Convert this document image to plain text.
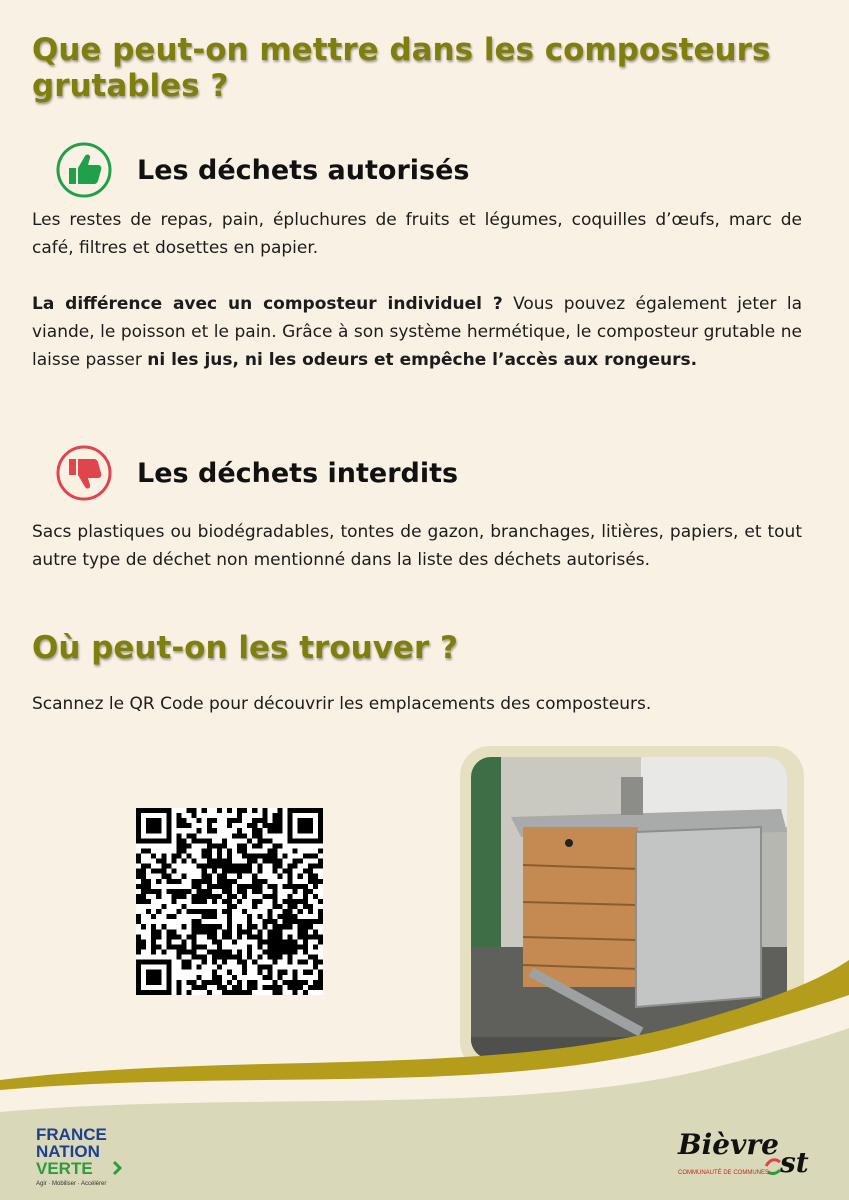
Que peut-on mettre dans les composteurs grutables ?
Les déchets autorisés

Les restes de repas, pain, épluchures de fruits et légumes, coquilles d’œufs, marc de café, filtres et dosettes en papier.

La différence avec un composteur individuel ? Vous pouvez également jeter la viande, le poisson et le pain. Grâce à son système hermétique, le composteur grutable ne laisse passer ni les jus, ni les odeurs et empêche l’accès aux rongeurs.

Les déchets interdits

Sacs plastiques ou biodégradables, tontes de gazon, branchages, litières, papiers, et tout autre type de déchet non mentionné dans la liste des déchets autorisés.

Où peut-on les trouver ?

Scannez le QR Code pour découvrir les emplacements des composteurs.

FRANCE
NATION
VERTE
Agir · Mobiliser · Accélérer
Bièvre
st
COMMUNAUTÉ DE COMMUNES
